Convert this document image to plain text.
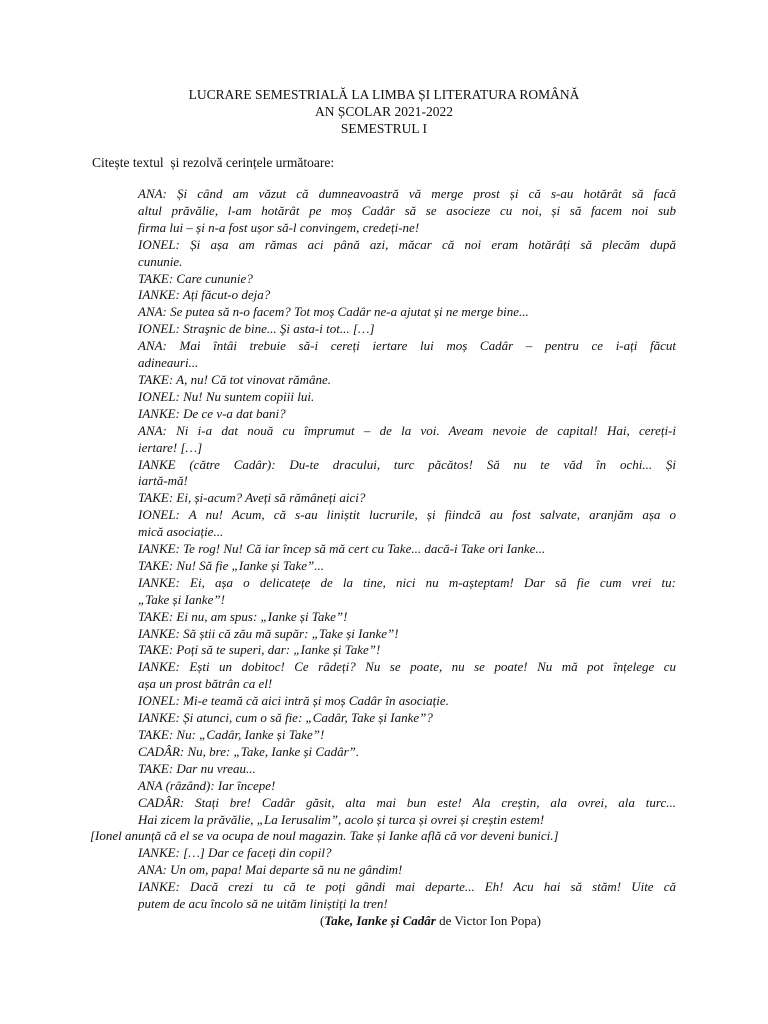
LUCRARE SEMESTRIALĂ LA LIMBA ȘI LITERATURA ROMÂNĂ
AN ȘCOLAR 2021-2022
SEMESTRUL I
Citește textul  și rezolvă cerințele următoare:
ANA: Și când am văzut că dumneavoastră vă merge prost și că s-au hotărât să facă
altul prăvălie, l-am hotărât pe moș Cadâr să se asocieze cu noi, și să facem noi sub
firma lui – și n-a fost ușor să-l convingem, credeți-ne!
IONEL: Și așa am rămas aci până azi, măcar că noi eram hotărâți să plecăm după
cununie.
TAKE: Care cununie?
IANKE: Ați făcut-o deja?
ANA: Se putea să n-o facem? Tot moș Cadâr ne-a ajutat și ne merge bine...
IONEL: Straşnic de bine... Şi asta-i tot... […]
ANA: Mai întâi trebuie să-i cereți iertare lui moș Cadâr – pentru ce i-ați făcut
adineauri...
TAKE: A, nu! Că tot vinovat rămâne.
IONEL: Nu! Nu suntem copiii lui.
IANKE: De ce v-a dat bani?
ANA: Ni i-a dat nouă cu împrumut – de la voi. Aveam nevoie de capital! Hai, cereți-i
iertare! […]
IANKE (către Cadâr): Du-te dracului, turc păcătos! Să nu te văd în ochi... Și
iartă-mă!
TAKE: Ei, și-acum? Aveți să rămâneți aici?
IONEL: A nu! Acum, că s-au liniștit lucrurile, și fiindcă au fost salvate, aranjăm așa o
mică asociație...
IANKE: Te rog! Nu! Că iar încep să mă cert cu Take... dacă-i Take ori Ianke...
TAKE: Nu! Să fie „Ianke și Take”...
IANKE: Ei, așa o delicatețe de la tine, nici nu m-așteptam! Dar să fie cum vrei tu:
„Take și Ianke”!
TAKE: Ei nu, am spus: „Ianke și Take”!
IANKE: Să știi că zău mă supăr: „Take și Ianke”!
TAKE: Poți să te superi, dar: „Ianke și Take”!
IANKE: Ești un dobitoc! Ce râdeți? Nu se poate, nu se poate! Nu mă pot înțelege cu
așa un prost bătrân ca el!
IONEL: Mi-e teamă că aici intră și moș Cadâr în asociație.
IANKE: Și atunci, cum o să fie: „Cadâr, Take și Ianke”?
TAKE: Nu: „Cadâr, Ianke și Take”!
CADÂR: Nu, bre: „Take, Ianke și Cadâr”.
TAKE: Dar nu vreau...
ANA (râzând): Iar începe!
CADÂR: Stați bre! Cadâr găsit, alta mai bun este! Ala creștin, ala ovrei, ala turc...
Hai zicem la prăvălie, „La Ierusalim”, acolo și turca și ovrei și creștin estem!
[Ionel anunță că el se va ocupa de noul magazin. Take și Ianke află că vor deveni bunici.]
IANKE: […] Dar ce faceți din copil?
ANA: Un om, papa! Mai departe să nu ne gândim!
IANKE: Dacă crezi tu că te poți gândi mai departe... Eh! Acu hai să stăm! Uite că
putem de acu încolo să ne uităm liniștiți la tren!
(Take, Ianke și Cadâr de Victor Ion Popa)
